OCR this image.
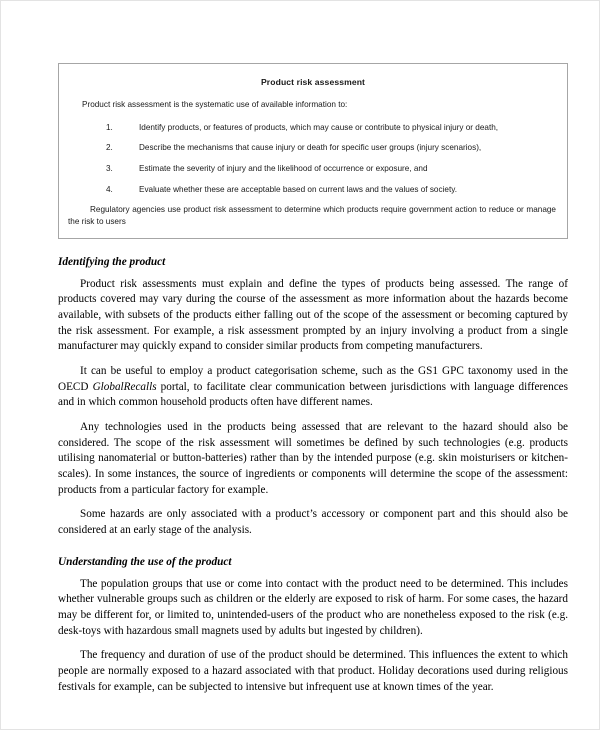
Product risk assessment

Product risk assessment is the systematic use of available information to:

1.	Identify products, or features of products, which may cause or contribute to physical injury or death,
2.	Describe the mechanisms that cause injury or death for specific user groups (injury scenarios),
3.	Estimate the severity of injury and the likelihood of occurrence or exposure, and
4.	Evaluate whether these are acceptable based on current laws and the values of society.

Regulatory agencies use product risk assessment to determine which products require government action to reduce or manage the risk to users

Identifying the product

Product risk assessments must explain and define the types of products being assessed. The range of products covered may vary during the course of the assessment as more information about the hazards become available, with subsets of the products either falling out of the scope of the assessment or becoming captured by the risk assessment. For example, a risk assessment prompted by an injury involving a product from a single manufacturer may quickly expand to consider similar products from competing manufacturers.

It can be useful to employ a product categorisation scheme, such as the GS1 GPC taxonomy used in the OECD GlobalRecalls portal, to facilitate clear communication between jurisdictions with language differences and in which common household products often have different names.

Any technologies used in the products being assessed that are relevant to the hazard should also be considered. The scope of the risk assessment will sometimes be defined by such technologies (e.g. products utilising nanomaterial or button-batteries) rather than by the intended purpose (e.g. skin moisturisers or kitchen-scales). In some instances, the source of ingredients or components will determine the scope of the assessment: products from a particular factory for example.

Some hazards are only associated with a product’s accessory or component part and this should also be considered at an early stage of the analysis.

Understanding the use of the product

The population groups that use or come into contact with the product need to be determined. This includes whether vulnerable groups such as children or the elderly are exposed to risk of harm. For some cases, the hazard may be different for, or limited to, unintended-users of the product who are nonetheless exposed to the risk (e.g. desk-toys with hazardous small magnets used by adults but ingested by children).

The frequency and duration of use of the product should be determined. This influences the extent to which people are normally exposed to a hazard associated with that product. Holiday decorations used during religious festivals for example, can be subjected to intensive but infrequent use at known times of the year.
